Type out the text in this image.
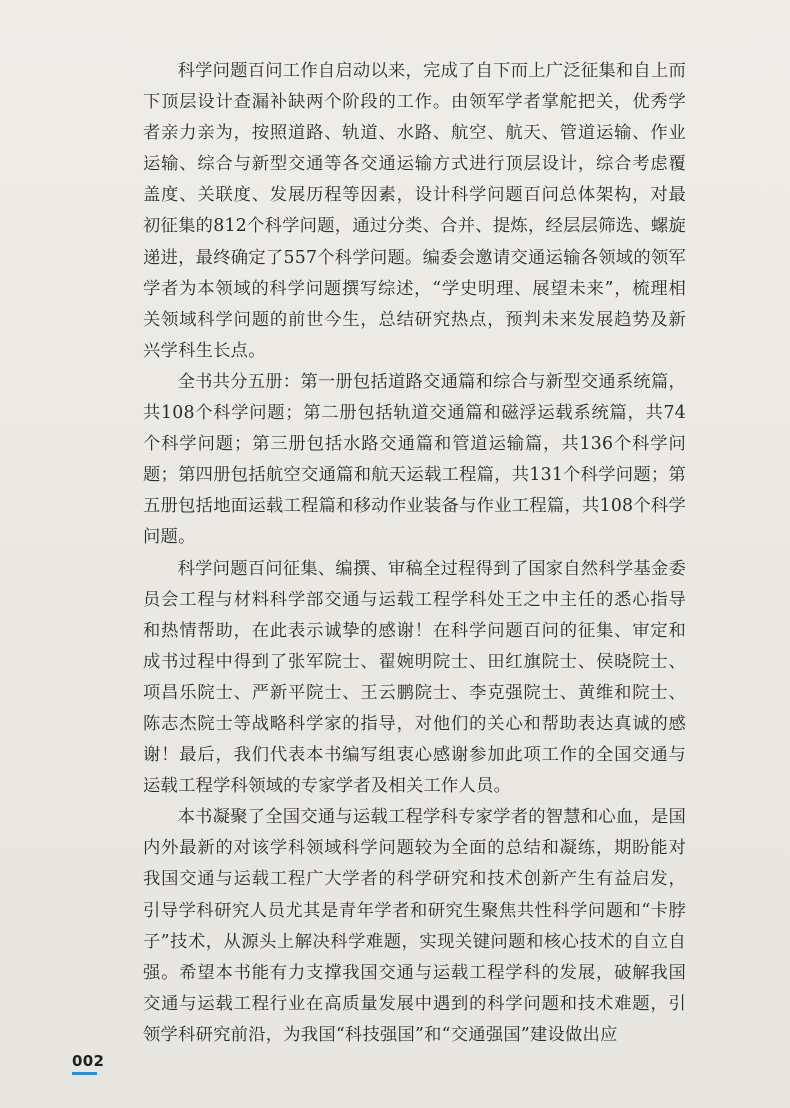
科学问题百问工作自启动以来，完成了自下而上广泛征集和自上而下顶层设计查漏补缺两个阶段的工作。由领军学者掌舵把关，优秀学者亲力亲为，按照道路、轨道、水路、航空、航天、管道运输、作业运输、综合与新型交通等各交通运输方式进行顶层设计，综合考虑覆盖度、关联度、发展历程等因素，设计科学问题百问总体架构，对最初征集的812个科学问题，通过分类、合并、提炼，经层层筛选、螺旋递进，最终确定了557个科学问题。编委会邀请交通运输各领域的领军学者为本领域的科学问题撰写综述，“学史明理、展望未来”，梳理相关领域科学问题的前世今生，总结研究热点，预判未来发展趋势及新兴学科生长点。

全书共分五册：第一册包括道路交通篇和综合与新型交通系统篇，共108个科学问题；第二册包括轨道交通篇和磁浮运载系统篇，共74个科学问题；第三册包括水路交通篇和管道运输篇，共136个科学问题；第四册包括航空交通篇和航天运载工程篇，共131个科学问题；第五册包括地面运载工程篇和移动作业装备与作业工程篇，共108个科学问题。

科学问题百问征集、编撰、审稿全过程得到了国家自然科学基金委员会工程与材料科学部交通与运载工程学科处王之中主任的悉心指导和热情帮助，在此表示诚挚的感谢！在科学问题百问的征集、审定和成书过程中得到了张军院士、翟婉明院士、田红旗院士、侯晓院士、项昌乐院士、严新平院士、王云鹏院士、李克强院士、黄维和院士、陈志杰院士等战略科学家的指导，对他们的关心和帮助表达真诚的感谢！最后，我们代表本书编写组衷心感谢参加此项工作的全国交通与运载工程学科领域的专家学者及相关工作人员。

本书凝聚了全国交通与运载工程学科专家学者的智慧和心血，是国内外最新的对该学科领域科学问题较为全面的总结和凝练，期盼能对我国交通与运载工程广大学者的科学研究和技术创新产生有益启发，引导学科研究人员尤其是青年学者和研究生聚焦共性科学问题和“卡脖子”技术，从源头上解决科学难题，实现关键问题和核心技术的自立自强。希望本书能有力支撑我国交通与运载工程学科的发展，破解我国交通与运载工程行业在高质量发展中遇到的科学问题和技术难题，引领学科研究前沿，为我国“科技强国”和“交通强国”建设做出应

002
